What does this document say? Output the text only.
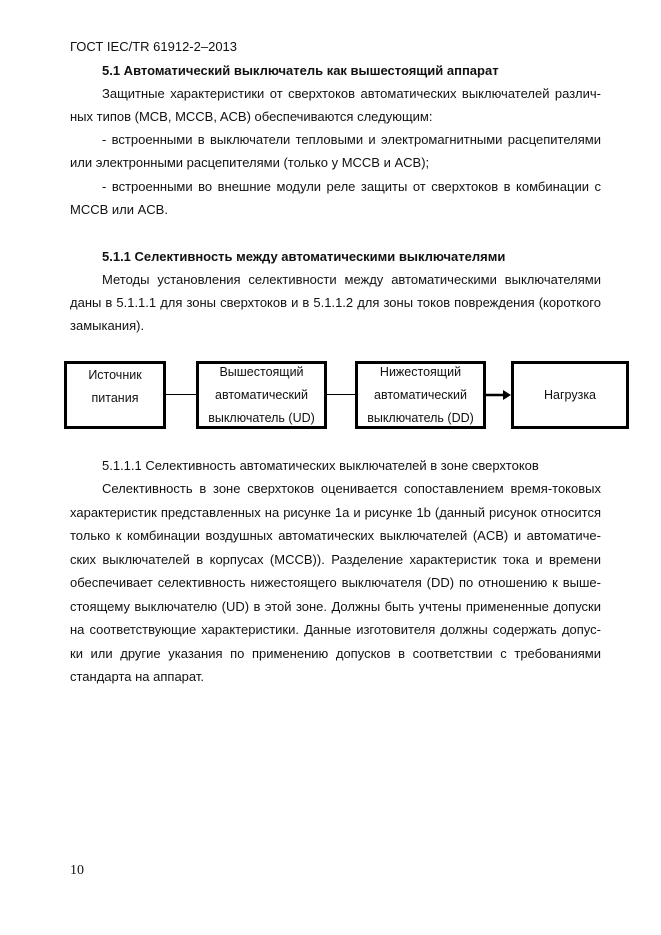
ГОСТ IEC/TR 61912-2–2013
5.1 Автоматический выключатель как вышестоящий аппарат
Защитные характеристики от сверхтоков автоматических выключателей различ-
ных типов (MCB, MCCB, ACB) обеспечиваются следующим:
- встроенными в выключатели тепловыми и электромагнитными расцепителями
или электронными расцепителями (только у MCCB и ACB);
- встроенными во внешние модули реле защиты от сверхтоков в комбинации с
MCCB или ACB.
5.1.1 Селективность между автоматическими выключателями
Методы установления селективности между автоматическими выключателями
даны в 5.1.1.1 для зоны сверхтоков и в 5.1.1.2 для зоны токов повреждения (короткого
замыкания).
Источник
питания
Вышестоящий
автоматический
выключатель (UD)
Нижестоящий
автоматический
выключатель (DD)
Нагрузка
5.1.1.1 Селективность автоматических выключателей в зоне сверхтоков
Селективность в зоне сверхтоков оценивается сопоставлением время-токовых
характеристик представленных на рисунке 1a и рисунке 1b (данный рисунок относится
только к комбинации воздушных автоматических выключателей (ACB) и автоматиче-
ских выключателей в корпусах (MCCB)). Разделение характеристик тока и времени
обеспечивает селективность нижестоящего выключателя (DD) по отношению к выше-
стоящему выключателю (UD) в этой зоне. Должны быть учтены примененные допуски
на соответствующие характеристики. Данные изготовителя должны содержать допус-
ки или другие указания по применению допусков в соответствии с требованиями
стандарта на аппарат.
10
